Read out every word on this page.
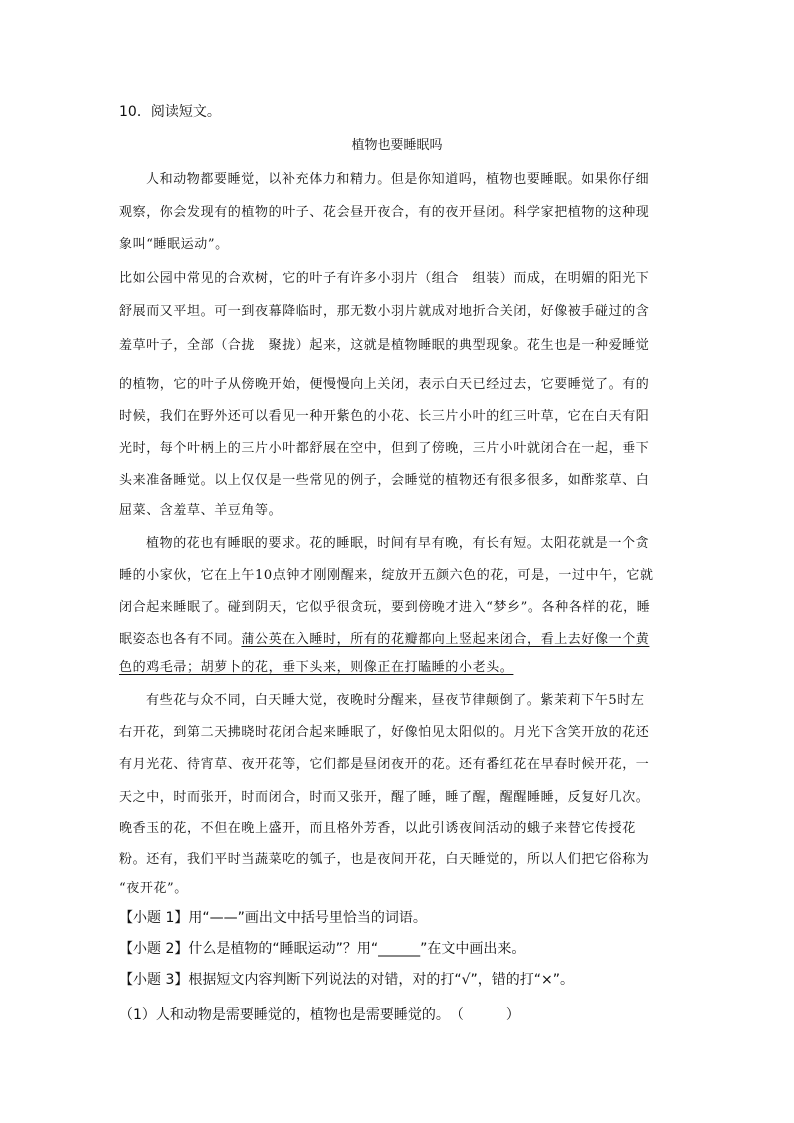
10．阅读短文。
植物也要睡眠吗
人和动物都要睡觉，以补充体力和精力。但是你知道吗，植物也要睡眠。如果你仔细
观察，你会发现有的植物的叶子、花会昼开夜合，有的夜开昼闭。科学家把植物的这种现
象叫“睡眠运动”。
比如公园中常见的合欢树，它的叶子有许多小羽片（组合　组装）而成，在明媚的阳光下
舒展而又平坦。可一到夜幕降临时，那无数小羽片就成对地折合关闭，好像被手碰过的含
羞草叶子，全部（合拢　聚拢）起来，这就是植物睡眠的典型现象。花生也是一种爱睡觉
的植物，它的叶子从傍晚开始，便慢慢向上关闭，表示白天已经过去，它要睡觉了。有的
时候，我们在野外还可以看见一种开紫色的小花、长三片小叶的红三叶草，它在白天有阳
光时，每个叶柄上的三片小叶都舒展在空中，但到了傍晚，三片小叶就闭合在一起，垂下
头来准备睡觉。以上仅仅是一些常见的例子，会睡觉的植物还有很多很多，如酢浆草、白
屈菜、含羞草、羊豆角等。
植物的花也有睡眠的要求。花的睡眠，时间有早有晚，有长有短。太阳花就是一个贪
睡的小家伙，它在上午10点钟才刚刚醒来，绽放开五颜六色的花，可是，一过中午，它就
闭合起来睡眠了。碰到阴天，它似乎很贪玩，要到傍晚才进入“梦乡”。各种各样的花，睡
眠姿态也各有不同。蒲公英在入睡时，所有的花瓣都向上竖起来闭合，看上去好像一个黄
色的鸡毛帚；胡萝卜的花，垂下头来，则像正在打瞌睡的小老头。
有些花与众不同，白天睡大觉，夜晚时分醒来，昼夜节律颠倒了。紫茉莉下午5时左
右开花，到第二天拂晓时花闭合起来睡眠了，好像怕见太阳似的。月光下含笑开放的花还
有月光花、待宵草、夜开花等，它们都是昼闭夜开的花。还有番红花在早春时候开花，一
天之中，时而张开，时而闭合，时而又张开，醒了睡，睡了醒，醒醒睡睡，反复好几次。
晚香玉的花，不但在晚上盛开，而且格外芳香，以此引诱夜间活动的蛾子来替它传授花
粉。还有，我们平时当蔬菜吃的瓠子，也是夜间开花，白天睡觉的，所以人们把它俗称为
“夜开花”。
【小题 1】用“——”画出文中括号里恰当的词语。
【小题 2】什么是植物的“睡眠运动”？用“______”在文中画出来。
【小题 3】根据短文内容判断下列说法的对错，对的打“√”，错的打“×”。
（1）人和动物是需要睡觉的，植物也是需要睡觉的。　（　　　）
